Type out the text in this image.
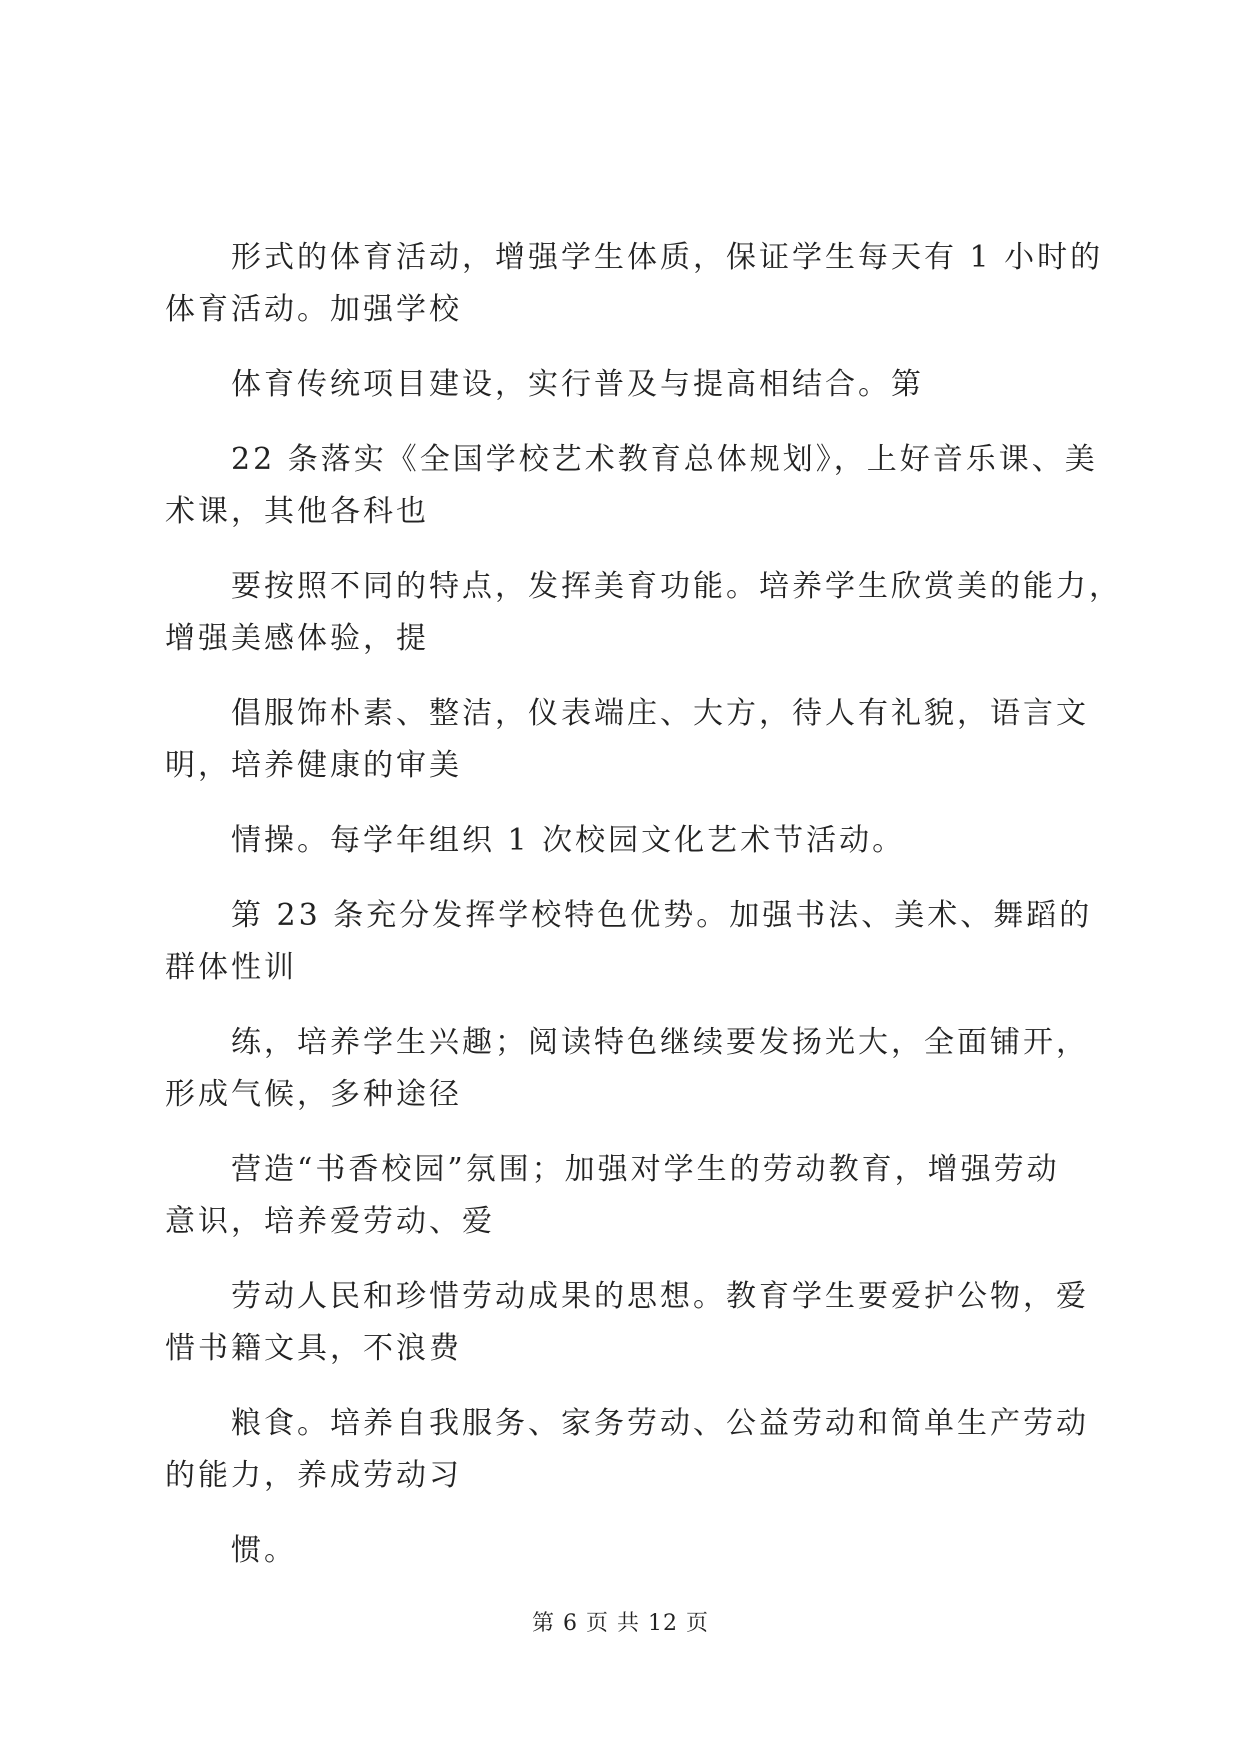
形式的体育活动，增强学生体质，保证学生每天有 1 小时的
体育活动。加强学校

体育传统项目建设，实行普及与提高相结合。第

22 条落实《全国学校艺术教育总体规划》，上好音乐课、美
术课，其他各科也

要按照不同的特点，发挥美育功能。培养学生欣赏美的能力，
增强美感体验，提

倡服饰朴素、整洁，仪表端庄、大方，待人有礼貌，语言文
明，培养健康的审美

情操。每学年组织 1 次校园文化艺术节活动。

第 23 条充分发挥学校特色优势。加强书法、美术、舞蹈的
群体性训

练，培养学生兴趣；阅读特色继续要发扬光大，全面铺开，
形成气候，多种途径

营造“书香校园”氛围；加强对学生的劳动教育，增强劳动
意识，培养爱劳动、爱

劳动人民和珍惜劳动成果的思想。教育学生要爱护公物，爱
惜书籍文具，不浪费

粮食。培养自我服务、家务劳动、公益劳动和简单生产劳动
的能力，养成劳动习

惯。

第 6 页 共 12 页
